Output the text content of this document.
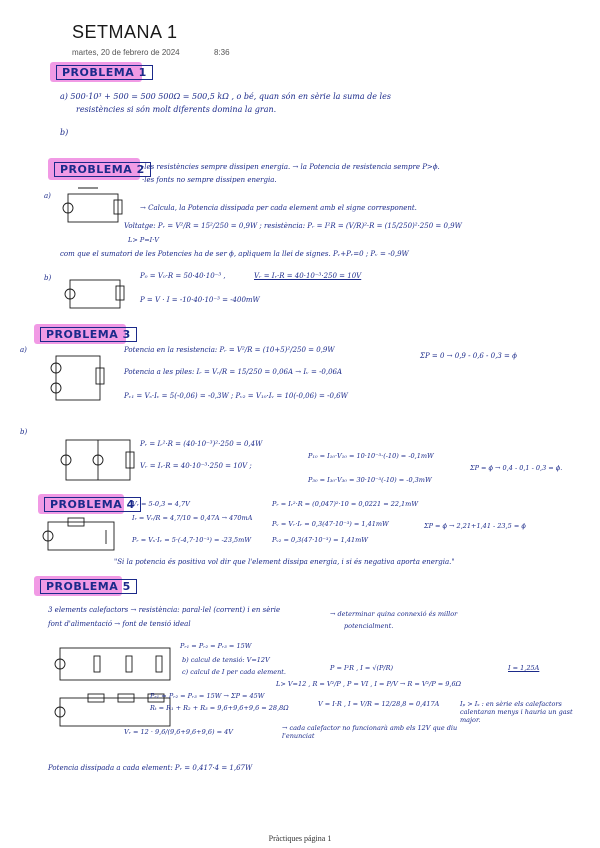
SETMANA 1
martes, 20 de febrero de 2024	8:36
PROBLEMA 1
a) 500·10³ + 500 = 500 500Ω = 500,5 kΩ , o bé, quan són en sèrie la suma de les
resistències si són molt diferents domina la gran.
b)
PROBLEMA 2
·les resistències sempre dissipen energia. → la Potencia de resistencia sempre P>ϕ.
·les fonts no sempre dissipen energia.
a)
→ Calcula, la Potencia dissipada per cada element amb el signe corresponent.
Voltatge: Pᵣ = V²/R = 15²/250 = 0,9W ; resistència: Pᵣ = I²R = (V/R)²·R = (15/250)²·250 = 0,9W
L> P=I·V
com que el sumatori de les Potencies ha de ser ϕ, apliquem la llei de signes. Pᵥ+Pᵣ=0 ; Pᵥ = -0,9W
b)	P₀ = V₀·R = 50·40·10⁻³ ,	Vᵣ = Iᵣ·R = 40·10⁻³·250 = 10V
P = V · I = -10·40·10⁻³ = -400mW
PROBLEMA 3
a)	Potencia en la resistencia: Pᵣ = V²/R = (10+5)²/250 = 0,9W
Potencia a les piles: Iᵣ = Vᵣ/R = 15/250 = 0,06A → Iᵥ = -0,06A
Pᵥ₁ = Vₛ·Iᵥ = 5(-0,06) = -0,3W ; Pᵥ₂ = V₁₀·Iᵥ = 10(-0,06) = -0,6W
ΣP = 0 → 0,9 - 0,6 - 0,3 = ϕ
b)
Pᵣ = Iᵣ²·R = (40·10⁻³)²·250 = 0,4W
Vᵣ = Iᵣ·R = 40·10⁻³·250 = 10V ;
P₁₀ = I₁₀·V₁₀ = 10·10⁻³·(-10) = -0,1mW
P₃₀ = I₃₀·V₃₀ = 30·10⁻³(-10) = -0,3mW
ΣP = ϕ → 0,4 - 0,1 - 0,3 = ϕ.
PROBLEMA 4
Vᵣ = 5-0,3 = 4,7V
Iᵣ = Vᵣ/R = 4,7/10 = 0,47A → 470mA
Pᵣ = Vₛ·Iᵥ = 5·(-4,7·10⁻³) = -23,5mW
Pᵣ = Iᵣ²·R = (0,047)²·10 = 0,0221 = 22,1mW
Pᵥ = Vᵣ·Iᵣ = 0,3(47·10⁻³) = 1,41mW
Pᵥ₂ = 0,3(47·10⁻³) = 1,41mW
ΣP = ϕ → 2,21+1,41 - 23,5 = ϕ
"Si la potencia és positiva vol dir que l'element dissipa energia, i si és negativa aporta energia."
PROBLEMA 5
3 elements calefactors → resistència: paral·lel (corrent) i en sèrie
font d'alimentació → font de tensió ideal
→ determinar quina connexió és millor
potencialment.
Pᵣ₁ = Pᵣ₂ = Pᵣ₃ = 15W
b) calcul de tensió: V=12V
c) calcul de I per cada element.	P = I²R , I = √(P/R)	I = 1,25A
L> V=12 , R = V²/P , P = VI , I = P/V → R = V²/P = 9,6Ω
Pᵣ₁ = Pᵣ₂ = Pᵣ₃ = 15W → ΣP = 45W
Rₜ = R₁ + R₂ + R₃ = 9,6+9,6+9,6 = 28,8Ω	V = I·R , I = V/R = 12/28,8 = 0,417A	Iₚ > Iₛ : en sèrie els calefactors calentaran menys i hauria un gast major.
Vᵣ = 12 · 9,6/(9,6+9,6+9,6) = 4V	→ cada calefactor no funcionarà amb els 12V que diu l'enunciat
Potencia dissipada a cada element: Pᵣ = 0,417·4 = 1,67W
Pràctiques página 1
